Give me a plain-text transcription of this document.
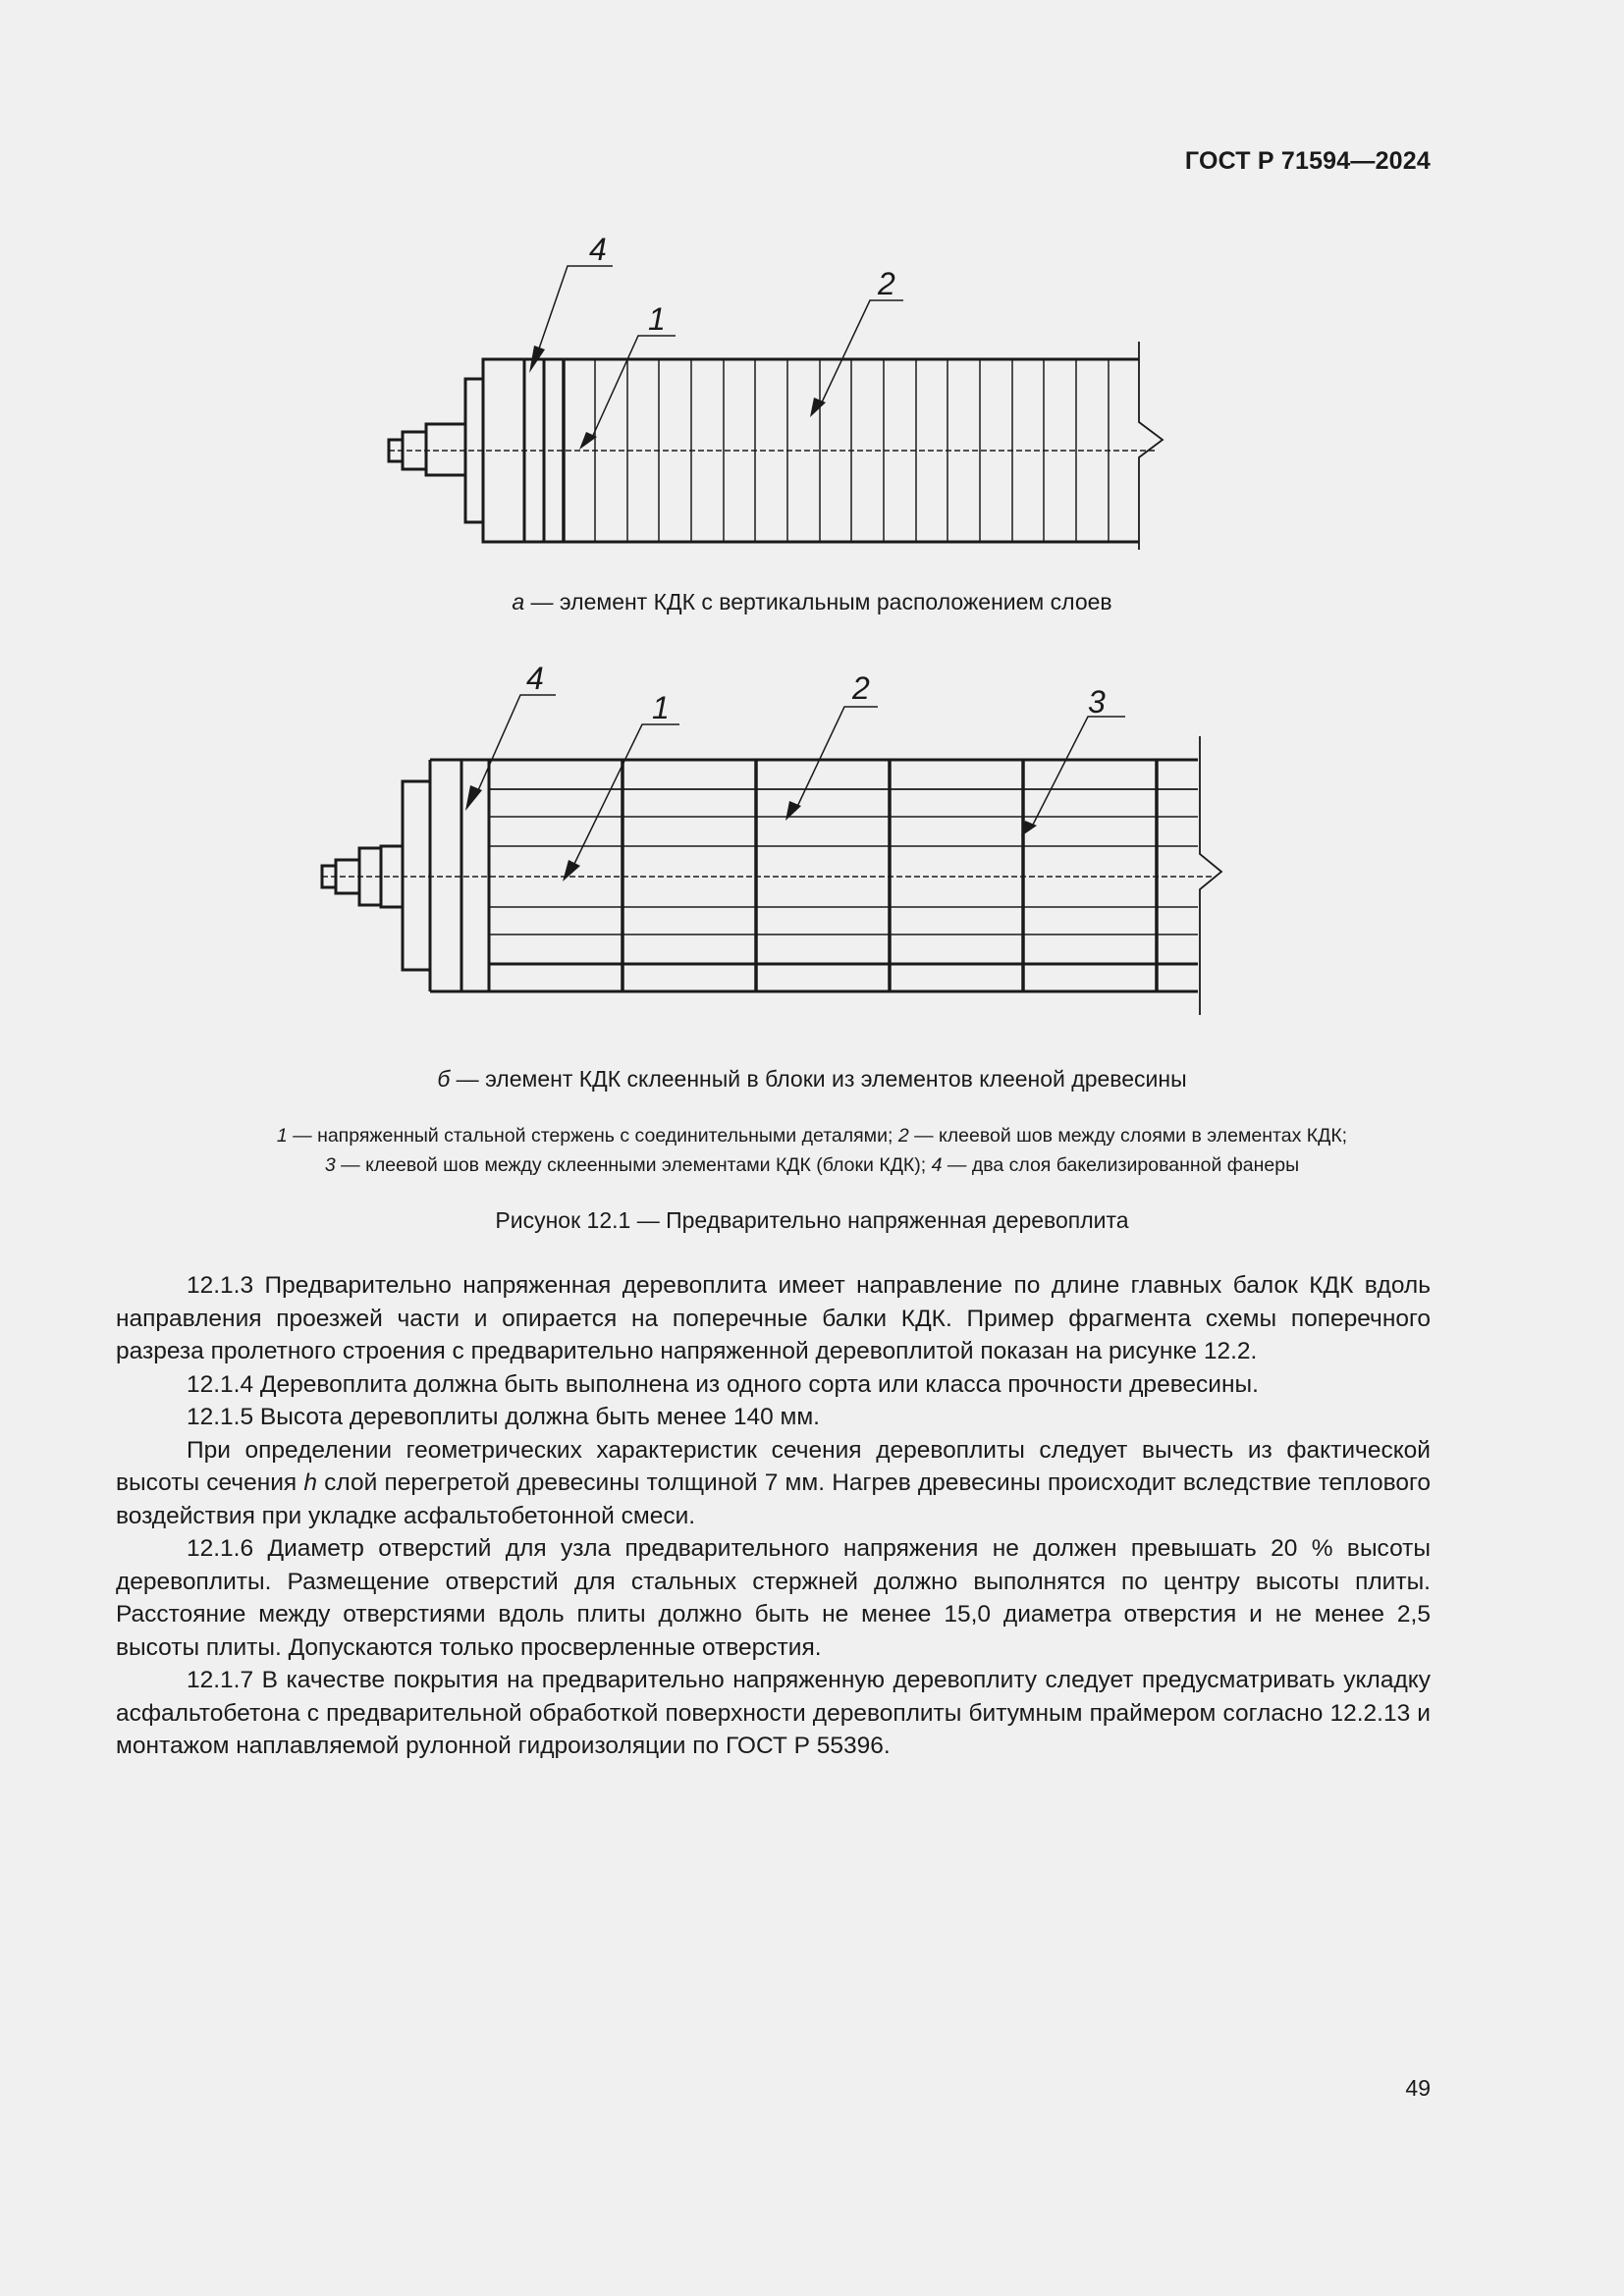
ГОСТ Р 71594—2024
4
1
2
а — элемент КДК с вертикальным расположением слоев
4
1
2	3
б — элемент КДК склеенный в блоки из элементов клееной древесины
1 — напряженный стальной стержень с соединительными деталями; 2 — клеевой шов между слоями в элементах КДК;
3 — клеевой шов между склеенными элементами КДК (блоки КДК); 4 — два слоя бакелизированной фанеры
Рисунок 12.1 — Предварительно напряженная деревоплита

12.1.3 Предварительно напряженная деревоплита имеет направление по длине главных балок КДК вдоль направления проезжей части и опирается на поперечные балки КДК. Пример фрагмента схемы поперечного разреза пролетного строения с предварительно напряженной деревоплитой показан на рисунке 12.2.

12.1.4 Деревоплита должна быть выполнена из одного сорта или класса прочности древесины.

12.1.5 Высота деревоплиты должна быть менее 140 мм.

При определении геометрических характеристик сечения деревоплиты следует вычесть из фактической высоты сечения h слой перегретой древесины толщиной 7 мм. Нагрев древесины происходит вследствие теплового воздействия при укладке асфальтобетонной смеси.

12.1.6 Диаметр отверстий для узла предварительного напряжения не должен превышать 20 % высоты деревоплиты. Размещение отверстий для стальных стержней должно выполнятся по центру высоты плиты. Расстояние между отверстиями вдоль плиты должно быть не менее 15,0 диаметра отверстия и не менее 2,5 высоты плиты. Допускаются только просверленные отверстия.

12.1.7 В качестве покрытия на предварительно напряженную деревоплиту следует предусматривать укладку асфальтобетона с предварительной обработкой поверхности деревоплиты битумным праймером согласно 12.2.13 и монтажом наплавляемой рулонной гидроизоляции по ГОСТ Р 55396.

49
